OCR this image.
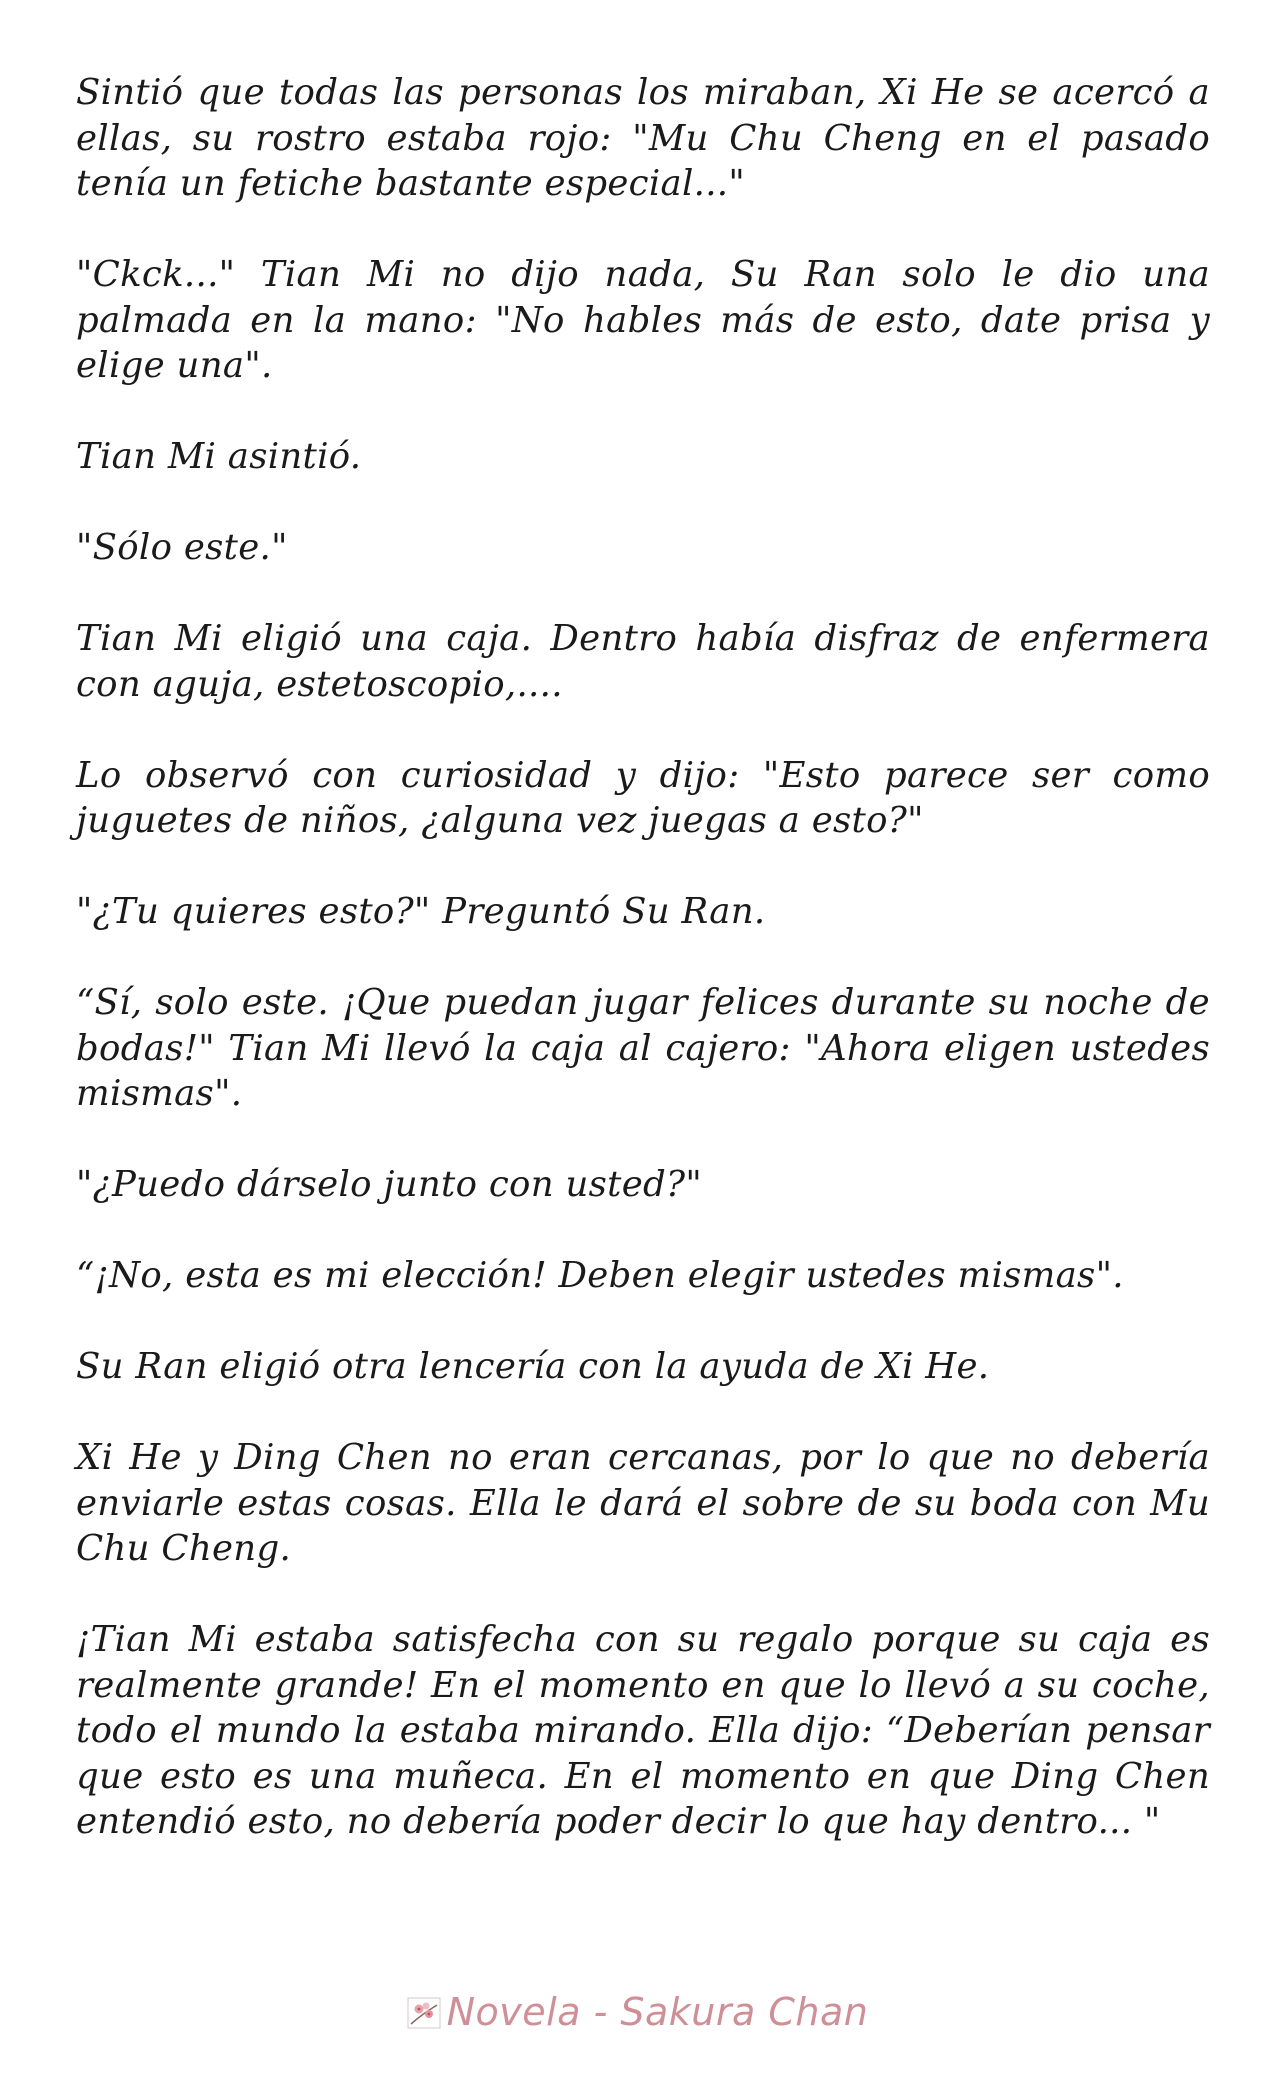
Sintió que todas las personas los miraban, Xi He se acercó a ellas, su rostro estaba rojo: "Mu Chu Cheng en el pasado tenía un fetiche bastante especial..."

"Ckck..." Tian Mi no dijo nada, Su Ran solo le dio una palmada en la mano: "No hables más de esto, date prisa y elige una".

Tian Mi asintió.

"Sólo este."

Tian Mi eligió una caja. Dentro había disfraz de enfermera con aguja, estetoscopio,....

Lo observó con curiosidad y dijo: "Esto parece ser como juguetes de niños, ¿alguna vez juegas a esto?"

"¿Tu quieres esto?" Preguntó Su Ran.

“Sí, solo este. ¡Que puedan jugar felices durante su noche de bodas!" Tian Mi llevó la caja al cajero: "Ahora eligen ustedes mismas".

"¿Puedo dárselo junto con usted?"

“¡No, esta es mi elección! Deben elegir ustedes mismas".

Su Ran eligió otra lencería con la ayuda de Xi He.

Xi He y Ding Chen no eran cercanas, por lo que no debería enviarle estas cosas. Ella le dará el sobre de su boda con Mu Chu Cheng.

¡Tian Mi estaba satisfecha con su regalo porque su caja es realmente grande! En el momento en que lo llevó a su coche, todo el mundo la estaba mirando. Ella dijo: “Deberían pensar que esto es una muñeca. En el momento en que Ding Chen entendió esto, no debería poder decir lo que hay dentro... "

Novela - Sakura Chan
